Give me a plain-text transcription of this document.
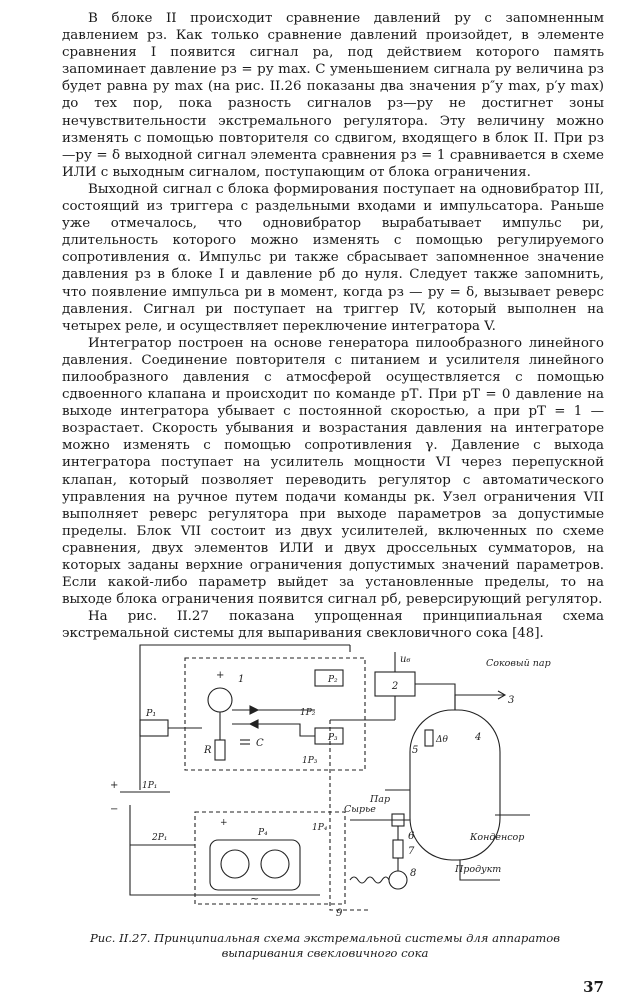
В блоке II происходит сравнение давлений pу с запомненным давлением pз. Как только сравнение давлений произойдет, в элементе сравнения I появится сигнал pа, под действием которого память запоминает давление pз = pу max. С уменьшением сигнала pу величина pз будет равна pу max (на рис. II.26 показаны два значения p″у max, p′у max) до тех пор, пока разность сигналов pз—pу не достигнет зоны нечувствительности экстремального регулятора. Эту величину можно изменять с помощью повторителя со сдвигом, входящего в блок II. При pз—pу = δ выходной сигнал элемента сравнения pз = 1 сравнивается в схеме ИЛИ с выходным сигналом, поступающим от блока ограничения.

Выходной сигнал с блока формирования поступает на одновибратор III, состоящий из триггера с раздельными входами и импульсатора. Раньше уже отмечалось, что одновибратор вырабатывает импульс pи, длительность которого можно изменять с помощью регулируемого сопротивления α. Импульс pи также сбрасывает запомненное значение давления pз в блоке I и давление pб до нуля. Следует также запомнить, что появление импульса pи в момент, когда pз — pу = δ, вызывает реверс давления. Сигнал pи поступает на триггер IV, который выполнен на четырех реле, и осуществляет переключение интегратора V.

Интегратор построен на основе генератора пилообразного линейного давления. Соединение повторителя с питанием и усилителя линейного пилообразного давления с атмосферой осуществляется с помощью сдвоенного клапана и происходит по команде pТ. При pТ = 0 давление на выходе интегратора убывает с постоянной скоростью, а при pТ = 1 — возрастает. Скорость убывания и возрастания давления на интеграторе можно изменять с помощью сопротивления γ. Давление с выхода интегратора поступает на усилитель мощности VI через перепускной клапан, который позволяет переводить регулятор с автоматического управления на ручное путем подачи команды pк. Узел ограничения VII выполняет реверс регулятора при выходе параметров за допустимые пределы. Блок VII состоит из двух усилителей, включенных по схеме сравнения, двух элементов ИЛИ и двух дроссельных сумматоров, на которых заданы верхние ограничения допустимых значений параметров. Если какой-либо параметр выйдет за установленные пределы, то на выходе блока ограничения появится сигнал pб, реверсирующий регулятор.

На рис. II.27 показана упрощенная принципиальная схема экстремальной системы для выпаривания свекловичного сока [48].

2
u₆
4
Δθ
5
Соковый пар
3
Пар
Конденсор
Продукт
Сырье
6
7
8
9
P₁
1
+
R
C
P₂
1P₂
P₃
1P₃
1P₁
+
−
2P₁
+
P₄	1P₄
~
Рис. II.27. Принципиальная схема экстремальной системы для аппаратов выпаривания свекловичного сока
37
